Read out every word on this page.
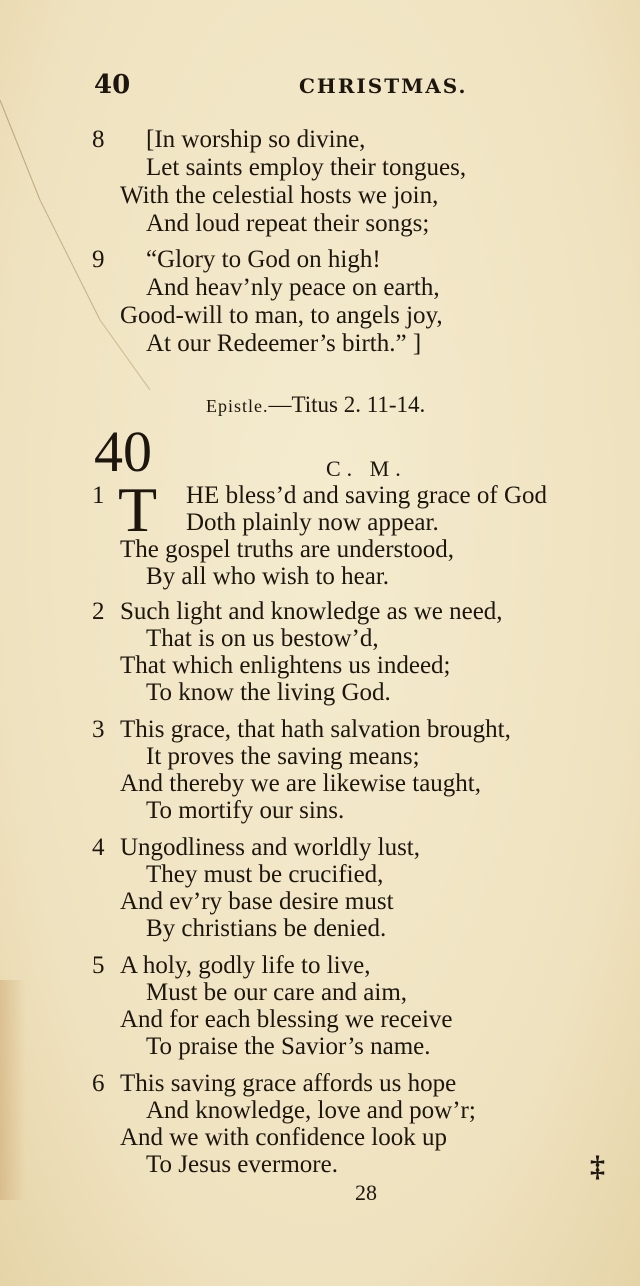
40	CHRISTMAS.
8 [In worship so divine,
Let saints employ their tongues,
With the celestial hosts we join,
And loud repeat their songs;
9 “Glory to God on high!
And heav’nly peace on earth,
Good-will to man, to angels joy,
At our Redeemer’s birth.” ]
Epistle.—Titus 2. 11-14.
40	C. M.
1 T HE bless’d and saving grace of God
Doth plainly now appear.
The gospel truths are understood,
By all who wish to hear.
2 Such light and knowledge as we need,
That is on us bestow’d,
That which enlightens us indeed;
To know the living God.
3 This grace, that hath salvation brought,
It proves the saving means;
And thereby we are likewise taught,
To mortify our sins.
4 Ungodliness and worldly lust,
They must be crucified,
And ev’ry base desire must
By christians be denied.
5 A holy, godly life to live,
Must be our care and aim,
And for each blessing we receive
To praise the Savior’s name.
6 This saving grace affords us hope
And knowledge, love and pow’r;
And we with confidence look up
To Jesus evermore.	‡
28
